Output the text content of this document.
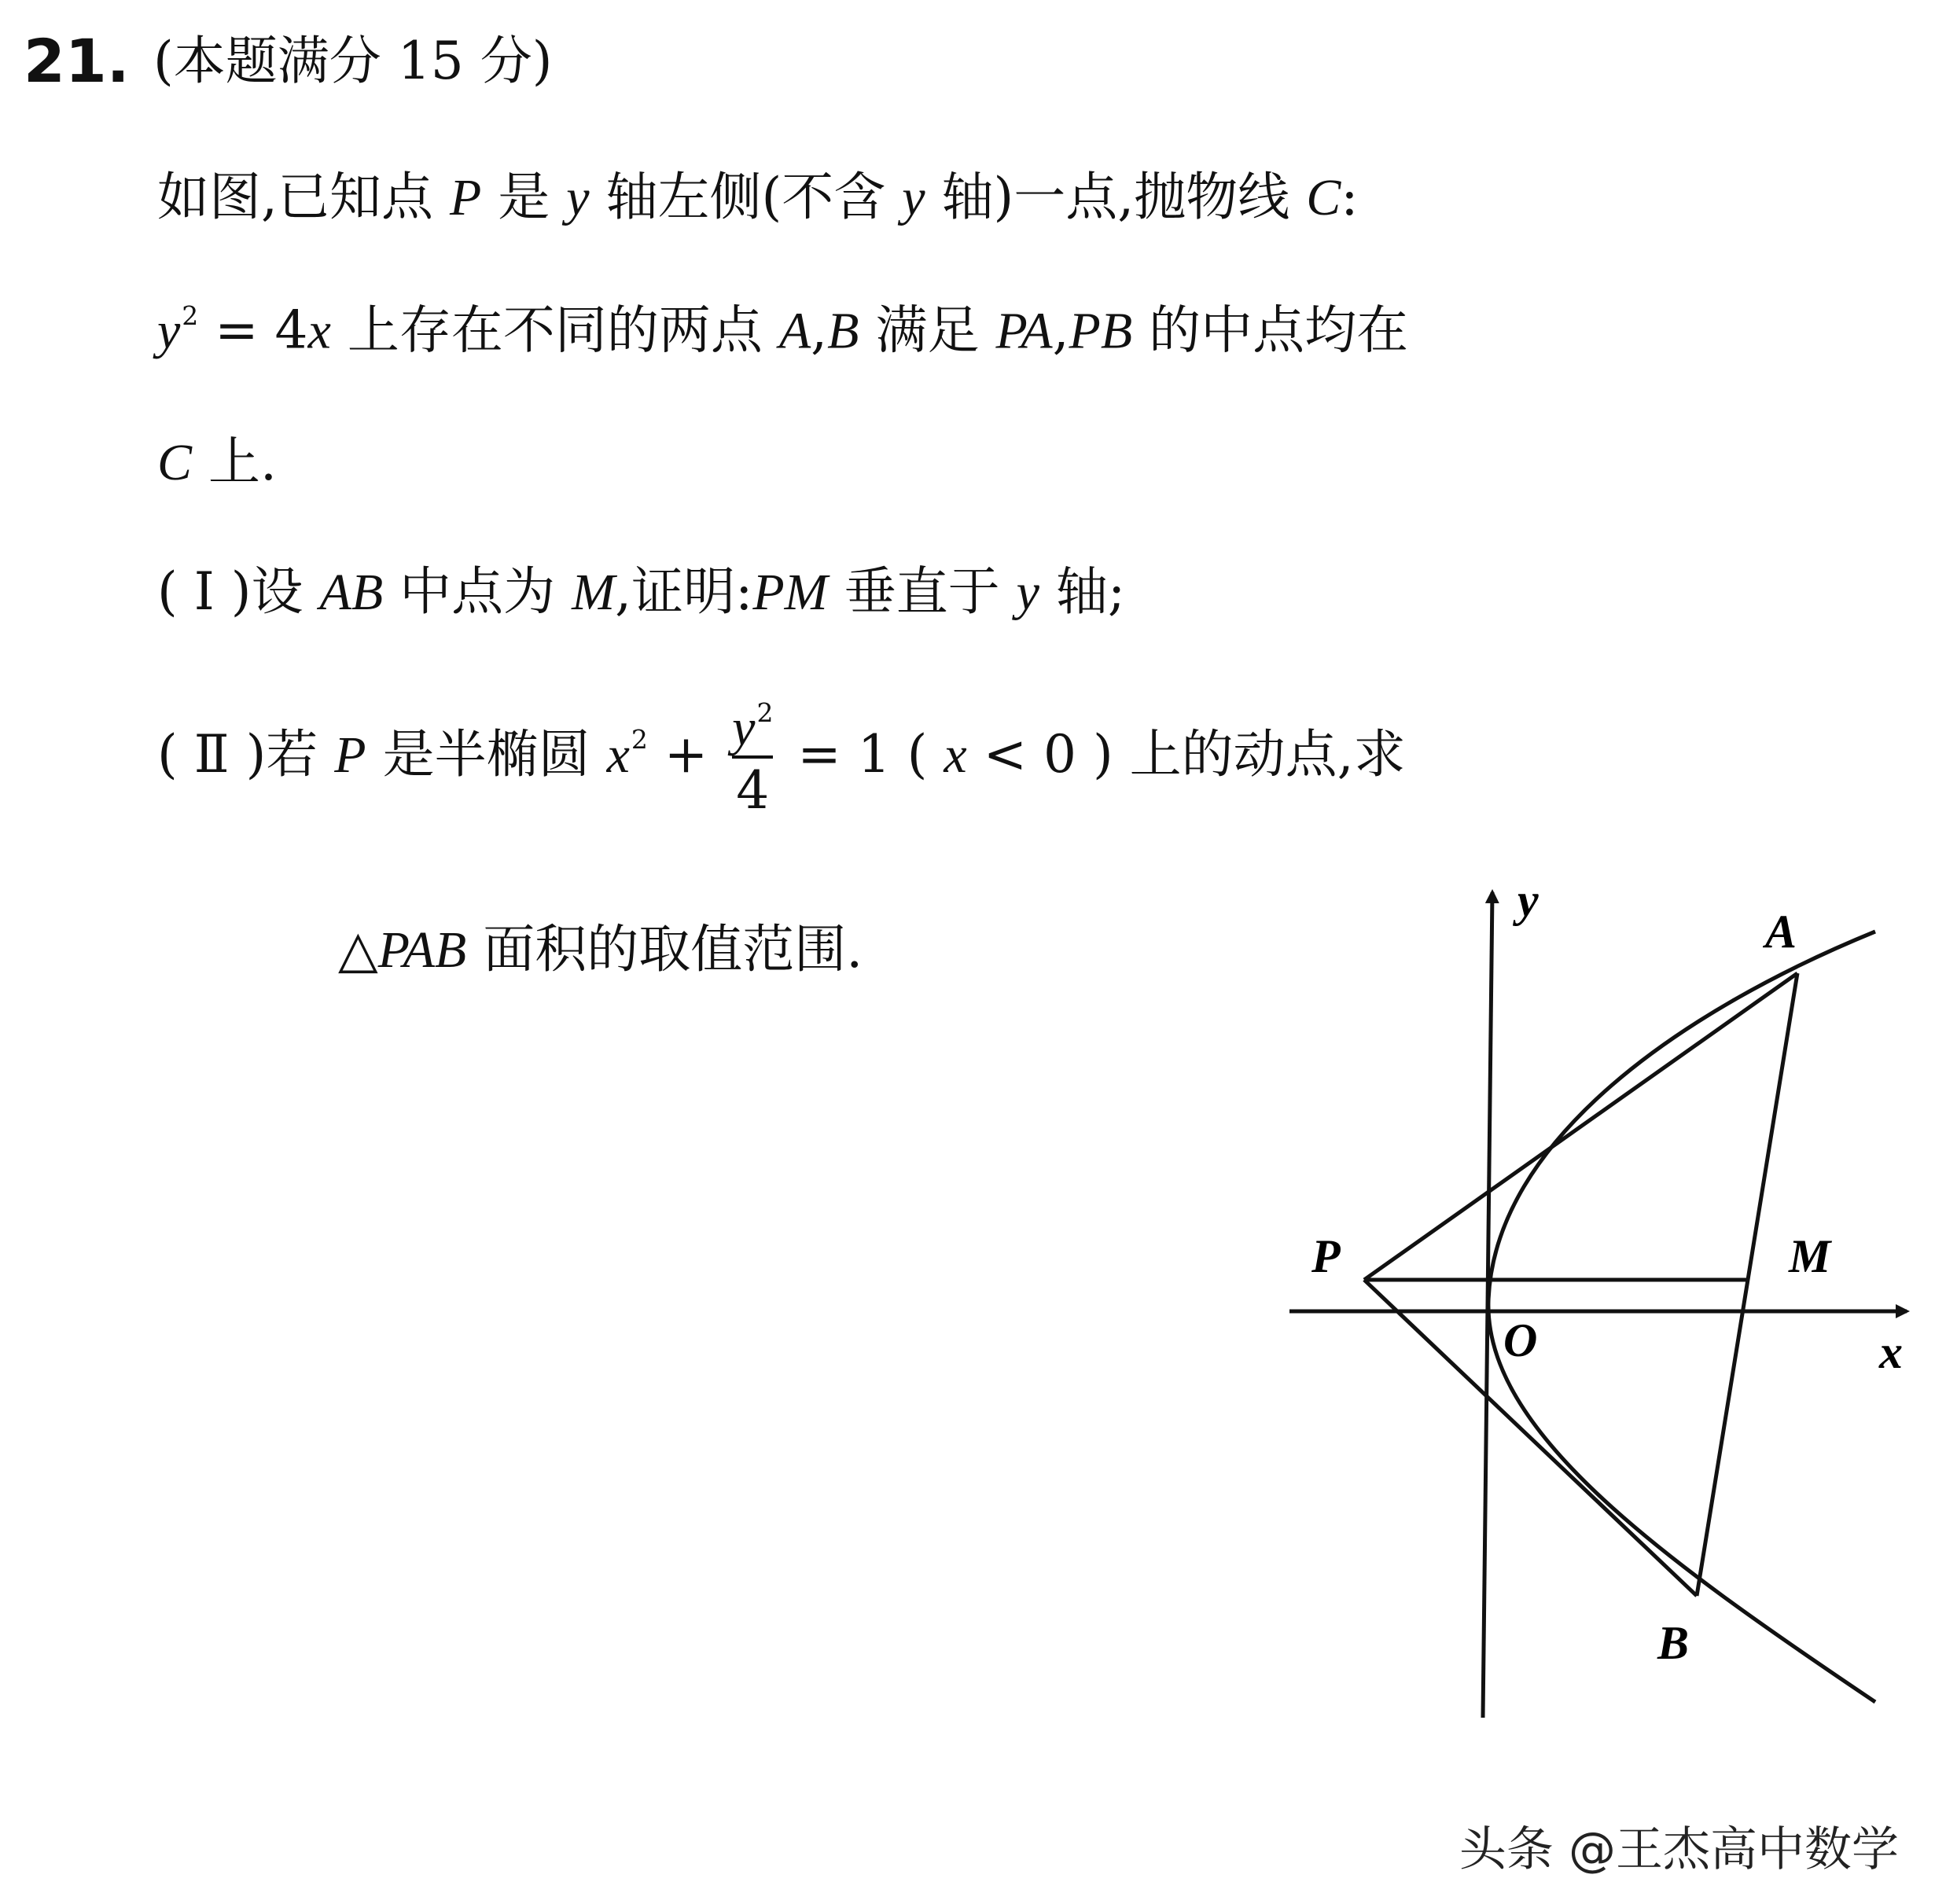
21. (本题满分 15 分)
如图,已知点 P 是 y 轴左侧(不含 y 轴)一点,抛物线 C:
$y^2 = 4x$ 上存在不同的两点 A,B 满足 PA,PB 的中点均在
C 上.
( Ⅰ )设 AB 中点为 M,证明:PM 垂直于 y 轴;
( Ⅱ )若 P 是半椭圆 $x^2 + \frac{y^2}{4} = 1$ ( x < 0 ) 上的动点,求
△PAB 面积的取值范围.
y
x
O
P
A
B
M
头条 @王杰高中数学
